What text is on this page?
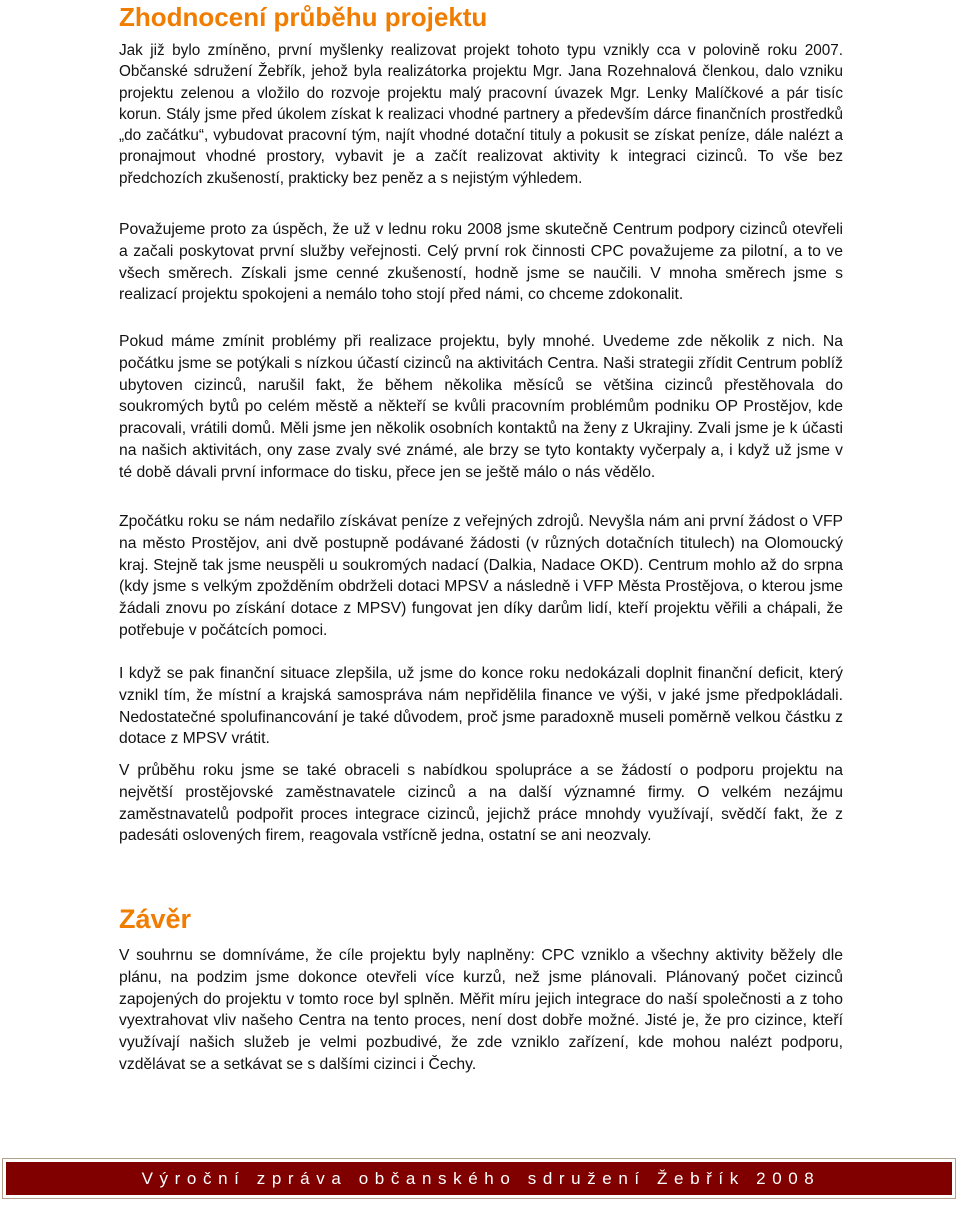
Zhodnocení průběhu projektu

Jak již bylo zmíněno, první myšlenky realizovat projekt tohoto typu vznikly cca v polovině roku 2007. Občanské sdružení Žebřík, jehož byla realizátorka projektu Mgr. Jana Rozehnalová členkou, dalo vzniku projektu zelenou a vložilo do rozvoje projektu malý pracovní úvazek Mgr. Lenky Malíčkové a pár tisíc korun. Stály jsme před úkolem získat k realizaci vhodné partnery a především dárce finančních prostředků „do začátku“, vybudovat pracovní tým, najít vhodné dotační tituly a pokusit se získat peníze, dále nalézt a pronajmout vhodné prostory, vybavit je a začít realizovat aktivity k integraci cizinců. To vše bez předchozích zkušeností, prakticky bez peněz a s nejistým výhledem.

Považujeme proto za úspěch, že už v lednu roku 2008 jsme skutečně Centrum podpory cizinců otevřeli a začali poskytovat první služby veřejnosti. Celý první rok činnosti CPC považujeme za pilotní, a to ve všech směrech. Získali jsme cenné zkušeností, hodně jsme se naučili. V mnoha směrech jsme s realizací projektu spokojeni a nemálo toho stojí před námi, co chceme zdokonalit.

Pokud máme zmínit problémy při realizace projektu, byly mnohé. Uvedeme zde několik z nich. Na počátku jsme se potýkali s nízkou účastí cizinců na aktivitách Centra. Naši strategii zřídit Centrum poblíž ubytoven cizinců, narušil fakt, že během několika měsíců se většina cizinců přestěhovala do soukromých bytů po celém městě a někteří se kvůli pracovním problémům podniku OP Prostějov, kde pracovali, vrátili domů. Měli jsme jen několik osobních kontaktů na ženy z Ukrajiny. Zvali jsme je k účasti na našich aktivitách, ony zase zvaly své známé, ale brzy se tyto kontakty vyčerpaly a, i když už jsme v té době dávali první informace do tisku, přece jen se ještě málo o nás vědělo.

Zpočátku roku se nám nedařilo získávat peníze z veřejných zdrojů. Nevyšla nám ani první žádost o VFP na město Prostějov, ani dvě postupně podávané žádosti (v různých dotačních titulech) na Olomoucký kraj. Stejně tak jsme neuspěli u soukromých nadací (Dalkia, Nadace OKD). Centrum mohlo až do srpna (kdy jsme s velkým zpožděním obdrželi dotaci MPSV a následně i VFP Města Prostějova, o kterou jsme žádali znovu po získání dotace z MPSV) fungovat jen díky darům lidí, kteří projektu věřili a chápali, že potřebuje v počátcích pomoci.

I když se pak finanční situace zlepšila, už jsme do konce roku nedokázali doplnit finanční deficit, který vznikl tím, že místní a krajská samospráva nám nepřidělila finance ve výši, v jaké jsme předpokládali. Nedostatečné spolufinancování je také důvodem, proč jsme paradoxně museli poměrně velkou částku z dotace z MPSV vrátit.

V průběhu roku jsme se také obraceli s nabídkou spolupráce a se žádostí o podporu projektu na největší prostějovské zaměstnavatele cizinců a na další významné firmy. O velkém nezájmu zaměstnavatelů podpořit proces integrace cizinců, jejichž práce mnohdy využívají, svědčí fakt, že z padesáti oslovených firem, reagovala vstřícně jedna, ostatní se ani neozvaly.

Závěr

V souhrnu se domníváme, že cíle projektu byly naplněny: CPC vzniklo a všechny aktivity běžely dle plánu, na podzim jsme dokonce otevřeli více kurzů, než jsme plánovali. Plánovaný počet cizinců zapojených do projektu v tomto roce byl splněn. Měřit míru jejich integrace do naší společnosti a z toho vyextrahovat vliv našeho Centra na tento proces, není dost dobře možné. Jisté je, že pro cizince, kteří využívají našich služeb je velmi pozbudivé, že zde vzniklo zařízení, kde mohou nalézt podporu, vzdělávat se a setkávat se s dalšími cizinci i Čechy.

Výroční zpráva občanského sdružení Žebřík 2008
